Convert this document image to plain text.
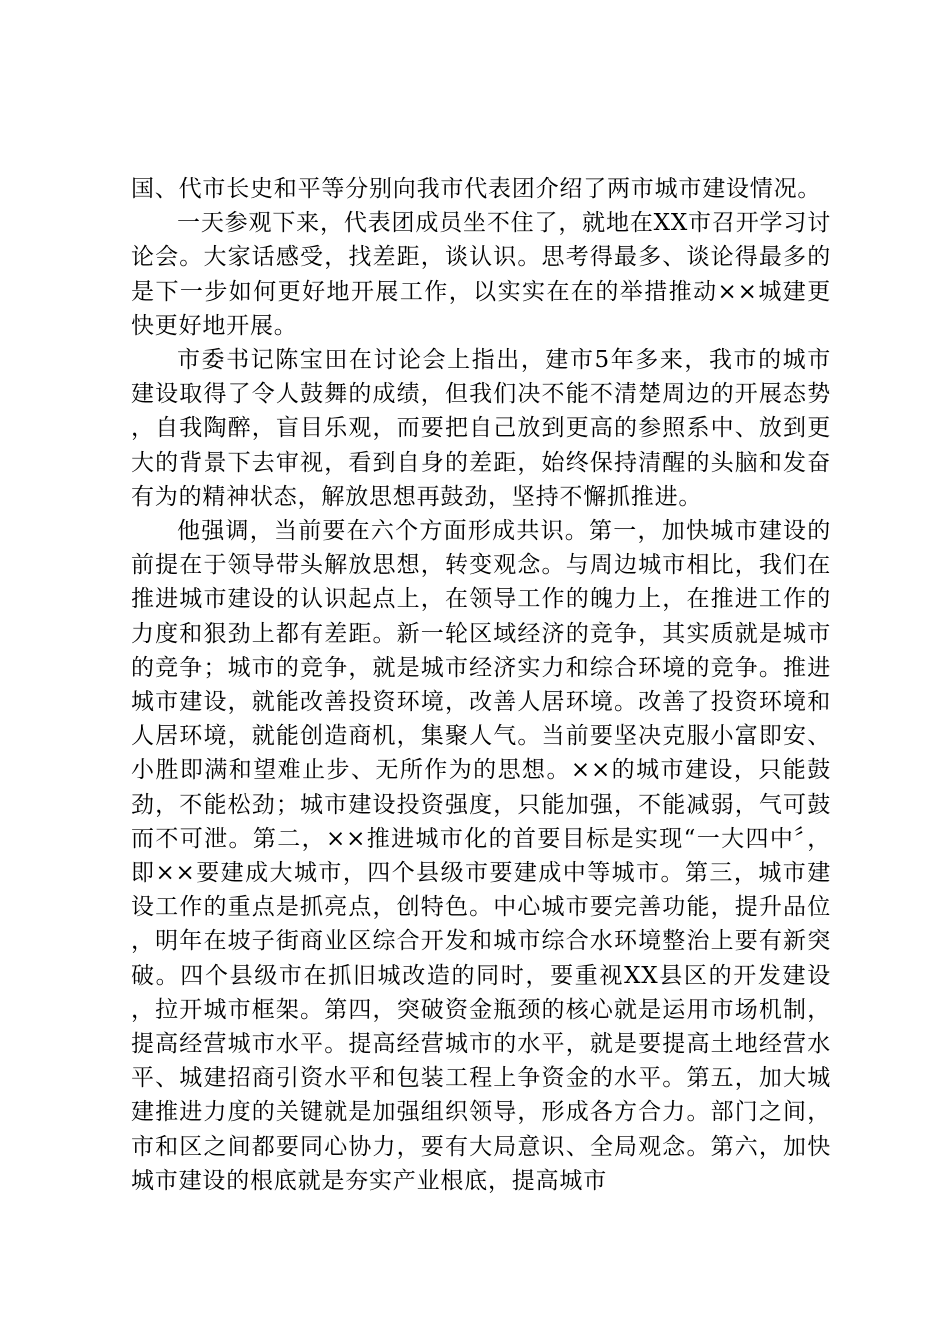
国、代市长史和平等分别向我市代表团介绍了两市城市建设情况。

一天参观下来，代表团成员坐不住了，就地在XX市召开学习讨论会。大家话感受，找差距，谈认识。思考得最多、谈论得最多的是下一步如何更好地开展工作，以实实在在的举措推动××城建更快更好地开展。

市委书记陈宝田在讨论会上指出，建市5年多来，我市的城市建设取得了令人鼓舞的成绩，但我们决不能不清楚周边的开展态势，自我陶醉，盲目乐观，而要把自己放到更高的参照系中、放到更大的背景下去审视，看到自身的差距，始终保持清醒的头脑和发奋有为的精神状态，解放思想再鼓劲，坚持不懈抓推进。

他强调，当前要在六个方面形成共识。第一，加快城市建设的前提在于领导带头解放思想，转变观念。与周边城市相比，我们在推进城市建设的认识起点上，在领导工作的魄力上，在推进工作的力度和狠劲上都有差距。新一轮区域经济的竞争，其实质就是城市的竞争；城市的竞争，就是城市经济实力和综合环境的竞争。推进城市建设，就能改善投资环境，改善人居环境。改善了投资环境和人居环境，就能创造商机，集聚人气。当前要坚决克服小富即安、小胜即满和望难止步、无所作为的思想。××的城市建设，只能鼓劲，不能松劲；城市建设投资强度，只能加强，不能减弱，气可鼓而不可泄。第二，××推进城市化的首要目标是实现“一大四中〞，即××要建成大城市，四个县级市要建成中等城市。第三，城市建设工作的重点是抓亮点，创特色。中心城市要完善功能，提升品位，明年在坡子街商业区综合开发和城市综合水环境整治上要有新突破。四个县级市在抓旧城改造的同时，要重视XX县区的开发建设，拉开城市框架。第四，突破资金瓶颈的核心就是运用市场机制，提高经营城市水平。提高经营城市的水平，就是要提高土地经营水平、城建招商引资水平和包装工程上争资金的水平。第五，加大城建推进力度的关键就是加强组织领导，形成各方合力。部门之间，市和区之间都要同心协力，要有大局意识、全局观念。第六，加快城市建设的根底就是夯实产业根底，提高城市
